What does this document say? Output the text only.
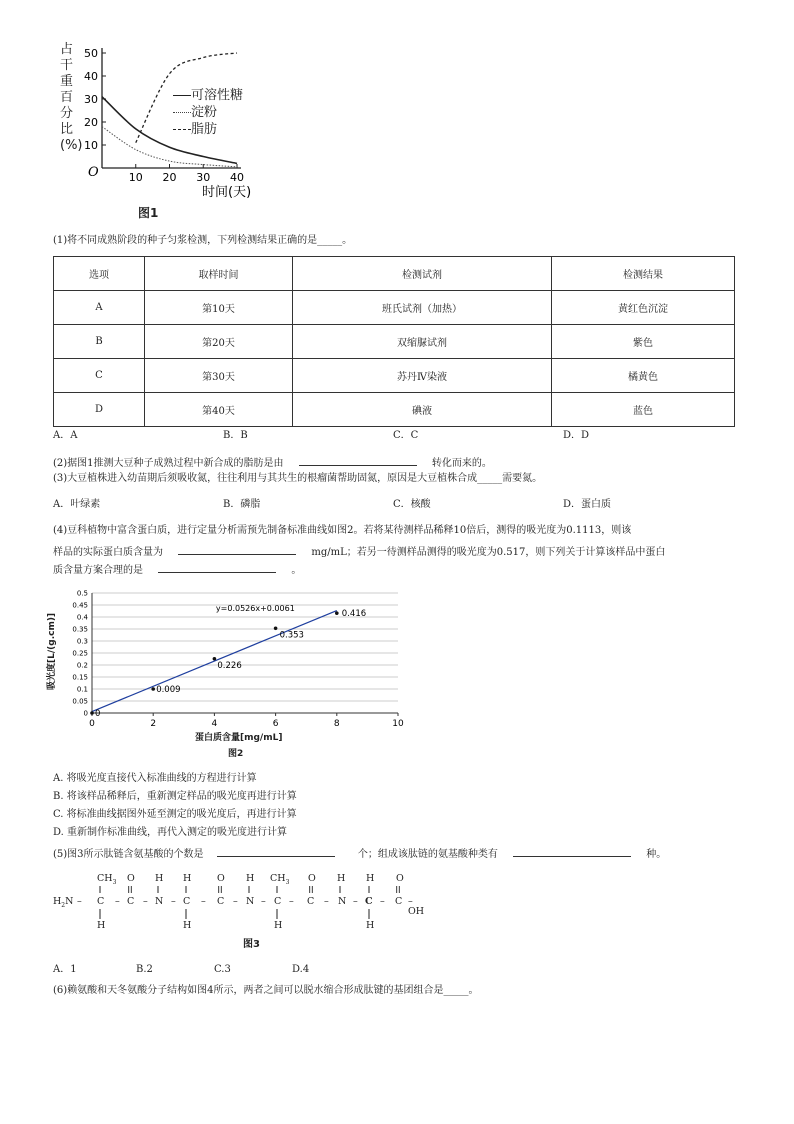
占干重百分比(%)
50
40
30
20
10
10 20 30 40
O
时间(天)
可溶性糖
淀粉
脂肪
图1
(1)将不同成熟阶段的种子匀浆检测，下列检测结果正确的是_____。
选项	取样时间	检测试剂	检测结果
A	第10天	班氏试剂（加热）	黄红色沉淀
B	第20天	双缩脲试剂	紫色
C	第30天	苏丹Ⅳ染液	橘黄色
D	第40天	碘液	蓝色
A．A	B．B	C．C	D．D
(2)据图1推测大豆种子成熟过程中新合成的脂肪是由	转化而来的。
(3)大豆植株进入幼苗期后须吸收氮，往往利用与其共生的根瘤菌帮助固氮，原因是大豆植株合成_____需要氮。
A．叶绿素	B．磷脂	C．核酸	D．蛋白质
(4)豆科植物中富含蛋白质，进行定量分析需预先制备标准曲线如图2。若将某待测样品稀释10倍后，测得的吸光度为0.1113，则该
样品的实际蛋白质含量为	mg/mL；若另一待测样品测得的吸光度为0.517，则下列关于计算该样品中蛋白
质含量方案合理的是	。
吸光度[L/(g.cm)]
0.5
0.45
0.4
0.35
0.3
0.25
0.2
0.15
0.1
0.05
0
0	2	4	6	8	10
y=0.0526x+0.0061
0
0.009
0.226
0.353
0.416
蛋白质含量[mg/mL]
图2
A. 将吸光度直接代入标准曲线的方程进行计算
B. 将该样品稀释后，重新测定样品的吸光度再进行计算
C. 将标准曲线据图外延至测定的吸光度后，再进行计算
D. 重新制作标准曲线，再代入测定的吸光度进行计算
(5)图3所示肽链含氨基酸的个数是	个；组成该肽链的氨基酸种类有	种。
$CH_3$ O H H	O H $CH_3$ O H H O
$H_2N$ – C – C – N – C – C – N – C – C – N – C – C –OH
H	H	H	H
图3
A．1	B.2	C.3	D.4
(6)赖氨酸和天冬氨酸分子结构如图4所示，两者之间可以脱水缩合形成肽键的基团组合是_____。
